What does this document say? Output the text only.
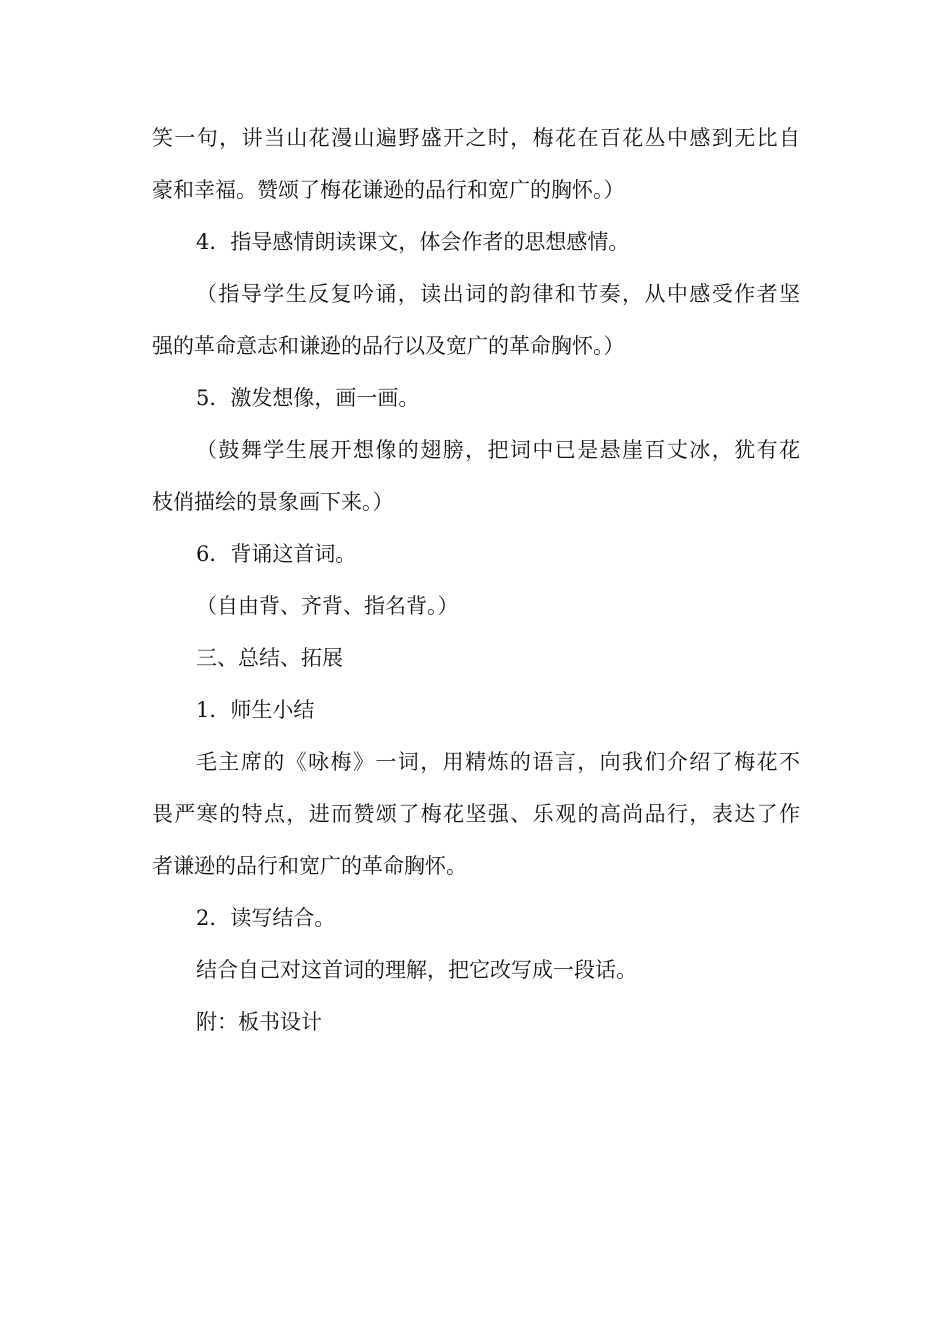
笑一句，讲当山花漫山遍野盛开之时，梅花在百花丛中感到无比自

豪和幸福。赞颂了梅花谦逊的品行和宽广的胸怀。）

4．指导感情朗读课文，体会作者的思想感情。

（指导学生反复吟诵，读出词的韵律和节奏，从中感受作者坚

强的革命意志和谦逊的品行以及宽广的革命胸怀。）

5．激发想像，画一画。

（鼓舞学生展开想像的翅膀，把词中已是悬崖百丈冰，犹有花

枝俏描绘的景象画下来。）

6．背诵这首词。

（自由背、齐背、指名背。）

三、总结、拓展

1．师生小结

毛主席的《咏梅》一词，用精炼的语言，向我们介绍了梅花不

畏严寒的特点，进而赞颂了梅花坚强、乐观的高尚品行，表达了作

者谦逊的品行和宽广的革命胸怀。

2．读写结合。

结合自己对这首词的理解，把它改写成一段话。

附：板书设计
